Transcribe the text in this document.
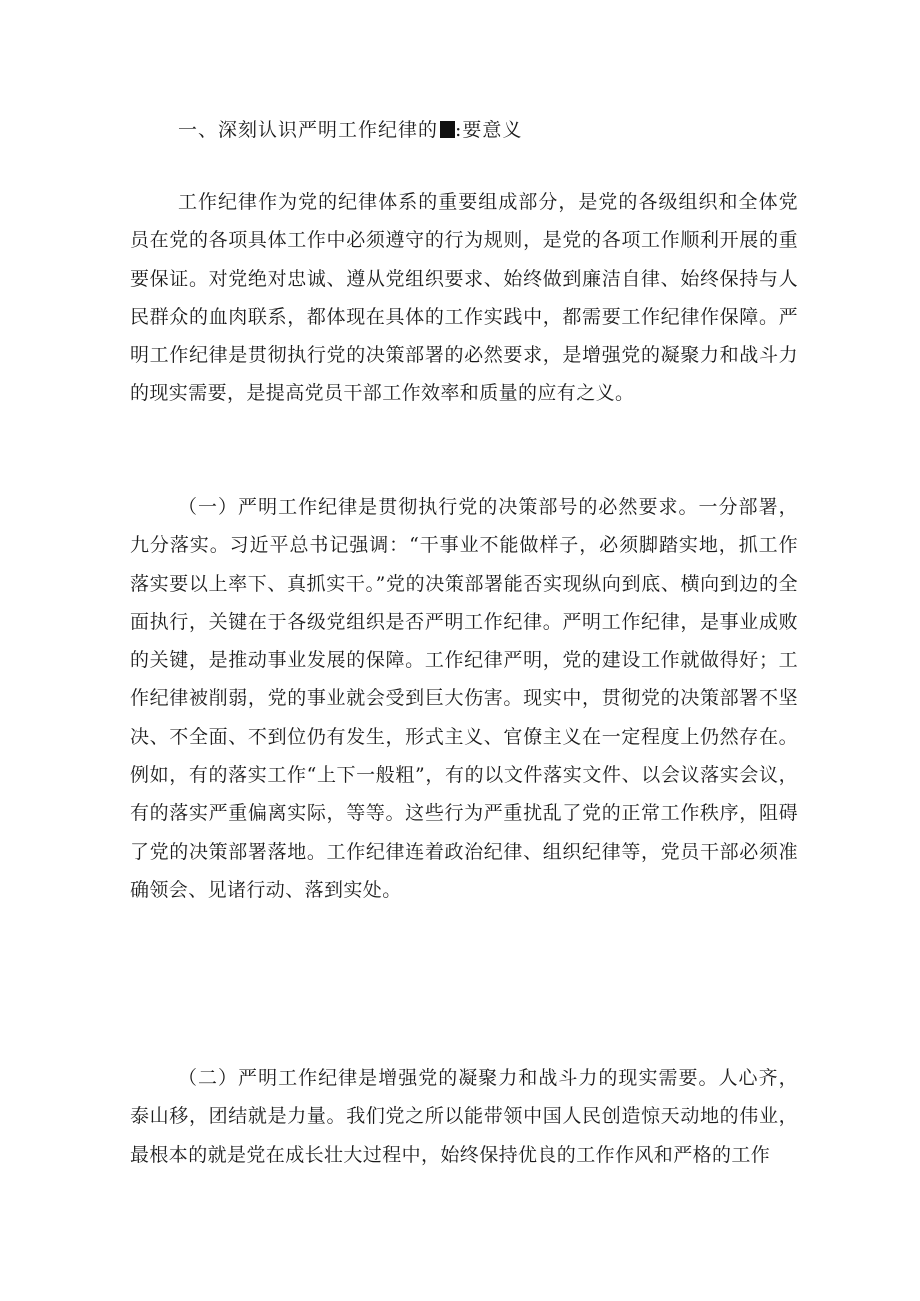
一、深刻认识严明工作纪律的 :要意义

工作纪律作为党的纪律体系的重要组成部分，是党的各级组织和全体党员在党的各项具体工作中必须遵守的行为规则，是党的各项工作顺利开展的重要保证。对党绝对忠诚、遵从党组织要求、始终做到廉洁自律、始终保持与人民群众的血肉联系，都体现在具体的工作实践中，都需要工作纪律作保障。严明工作纪律是贯彻执行党的决策部署的必然要求，是增强党的凝聚力和战斗力的现实需要，是提高党员干部工作效率和质量的应有之义。

（一）严明工作纪律是贯彻执行党的决策部号的必然要求。一分部署，九分落实。习近平总书记强调：“干事业不能做样子，必须脚踏实地，抓工作落实要以上率下、真抓实干。”党的决策部署能否实现纵向到底、横向到边的全面执行，关键在于各级党组织是否严明工作纪律。严明工作纪律，是事业成败的关键，是推动事业发展的保障。工作纪律严明，党的建设工作就做得好；工作纪律被削弱，党的事业就会受到巨大伤害。现实中，贯彻党的决策部署不坚决、不全面、不到位仍有发生，形式主义、官僚主义在一定程度上仍然存在。例如，有的落实工作“上下一般粗”，有的以文件落实文件、以会议落实会议，有的落实严重偏离实际，等等。这些行为严重扰乱了党的正常工作秩序，阻碍了党的决策部署落地。工作纪律连着政治纪律、组织纪律等，党员干部必须准确领会、见诸行动、落到实处。

（二）严明工作纪律是增强党的凝聚力和战斗力的现实需要。人心齐，泰山移，团结就是力量。我们党之所以能带领中国人民创造惊天动地的伟业，最根本的就是党在成长壮大过程中，始终保持优良的工作作风和严格的工作
